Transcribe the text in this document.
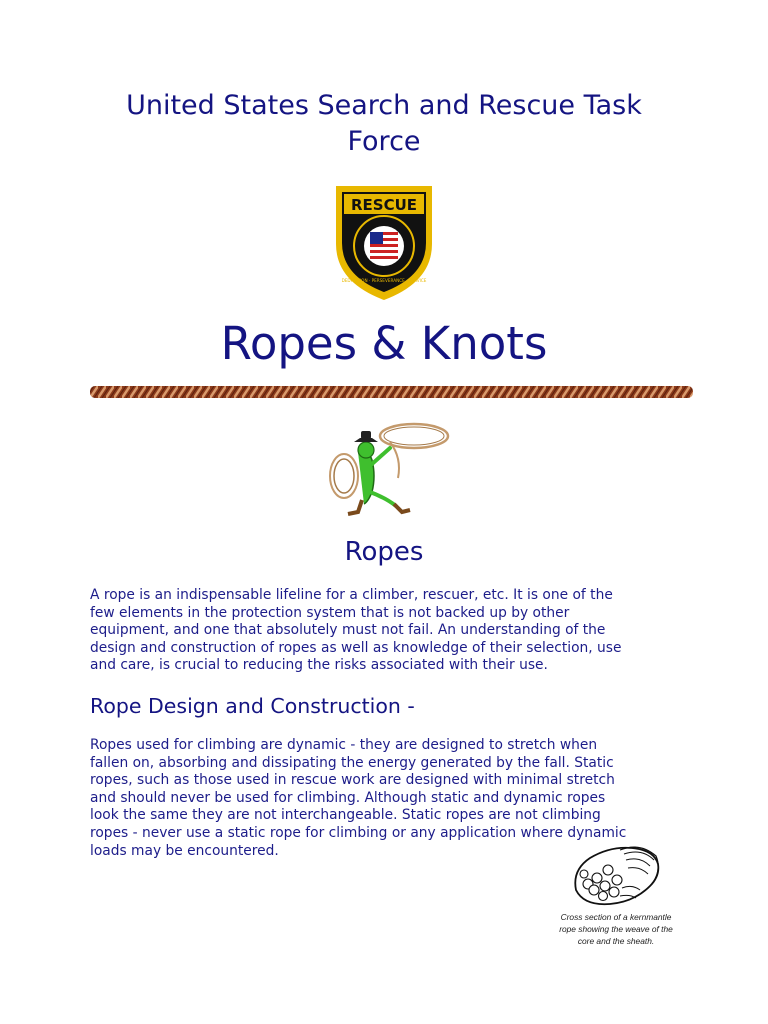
United States Search and Rescue Task
Force
RESCUE
DEDICATION · PERSEVERANCE · SERVICE
Ropes & Knots
Ropes
A rope is an indispensable lifeline for a climber, rescuer, etc. It is one of the
few elements in the protection system that is not backed up by other
equipment, and one that absolutely must not fail. An understanding of the
design and construction of ropes as well as knowledge of their selection, use
and care, is crucial to reducing the risks associated with their use.
Rope Design and Construction -
Ropes used for climbing are dynamic - they are designed to stretch when
fallen on, absorbing and dissipating the energy generated by the fall. Static
ropes, such as those used in rescue work are designed with minimal stretch
and should never be used for climbing. Although static and dynamic ropes
look the same they are not interchangeable. Static ropes are not climbing
ropes - never use a static rope for climbing or any application where dynamic
loads may be encountered.
Cross section of a kernmantle
rope showing the weave of the
core and the sheath.
